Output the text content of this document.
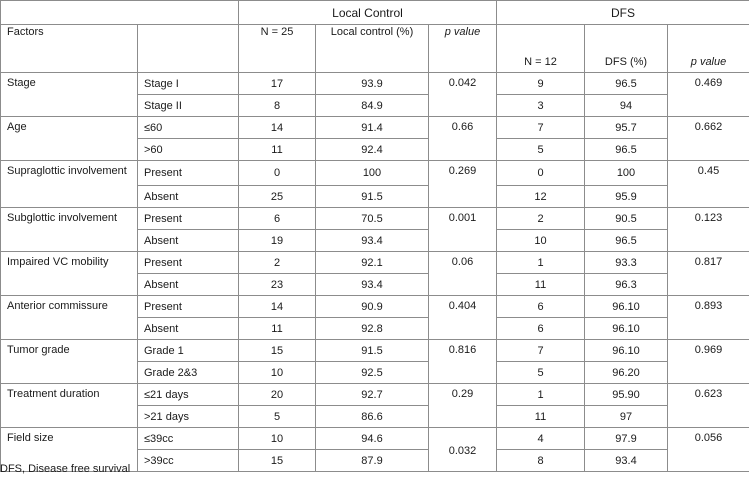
		Local Control			DFS		
Factors		N = 25	Local control (%)	p value	N = 12	DFS (%)	p value
Stage	Stage I	17	93.9	0.042	9	96.5	0.469
	Stage II	8	84.9		3	94	
Age	≤60	14	91.4	0.66	7	95.7	0.662
	>60	11	92.4		5	96.5	
Supraglottic involvement	Present	0	100	0.269	0	100	0.45
	Absent	25	91.5		12	95.9	
Subglottic involvement	Present	6	70.5	0.001	2	90.5	0.123
	Absent	19	93.4		10	96.5	
Impaired VC mobility	Present	2	92.1	0.06	1	93.3	0.817
	Absent	23	93.4		11	96.3	
Anterior commissure	Present	14	90.9	0.404	6	96.10	0.893
	Absent	11	92.8		6	96.10	
Tumor grade	Grade 1	15	91.5	0.816	7	96.10	0.969
	Grade 2&3	10	92.5		5	96.20	
Treatment duration	≤21 days	20	92.7	0.29	1	95.90	0.623
	>21 days	5	86.6		11	97	
Field size	≤39cc	10	94.6	0.032	4	97.9	0.056
	>39cc	15	87.9		8	93.4	
DFS, Disease free survival
